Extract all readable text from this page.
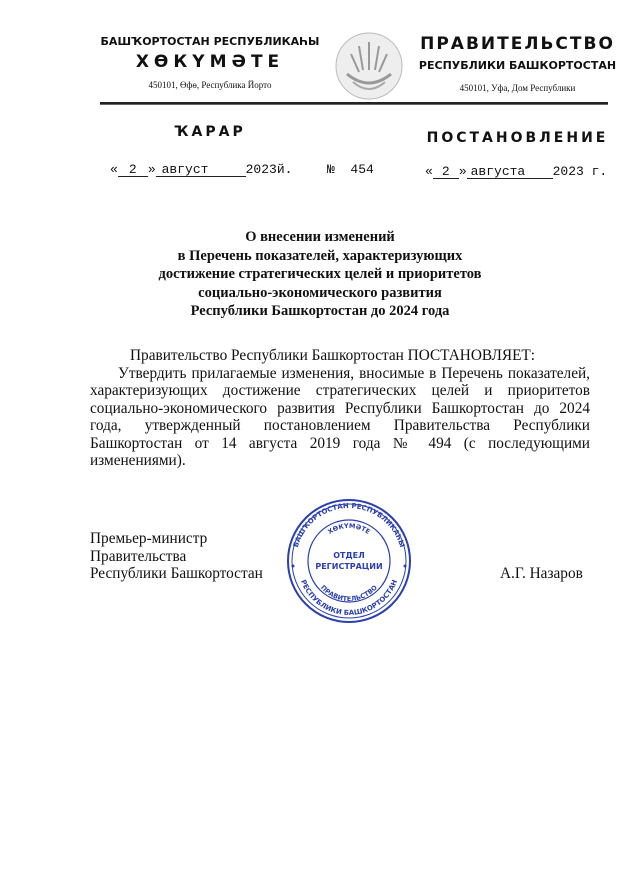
БАШҠОРТОСТАН РЕСПУБЛИКАҺЫ
ХӨКҮМӘТЕ
450101, Өфө, Республика Йорто
ПРАВИТЕЛЬСТВО
РЕСПУБЛИКИ БАШКОРТОСТАН
450101, Уфа, Дом Республики
ҠАРАР	ПОСТАНОВЛЕНИЕ
« 2 » август	2023й.	№ 454	« 2 » августа 2023 г.
О внесении изменений
в Перечень показателей, характеризующих
достижение стратегических целей и приоритетов
социально-экономического развития
Республики Башкортостан до 2024 года

Правительство Республики Башкортостан ПОСТАНОВЛЯЕТ:

Утвердить прилагаемые изменения, вносимые в Перечень показателей, характеризующих достижение стратегических целей и приоритетов социально-экономического развития Республики Башкортостан до 2024 года, утвержденный постановлением Правительства Республики Башкортостан от 14 августа 2019 года № 494 (с последующими изменениями).

Премьер-министр
Правительства
Республики Башкортостан	А.Г. Назаров
БАШҠОРТОСТАН РЕСПУБЛИКАҺЫ
РЕСПУБЛИКИ БАШКОРТОСТАН
ХӨКҮМӘТЕ
ПРАВИТЕЛЬСТВО
ОТДЕЛ
РЕГИСТРАЦИИ
